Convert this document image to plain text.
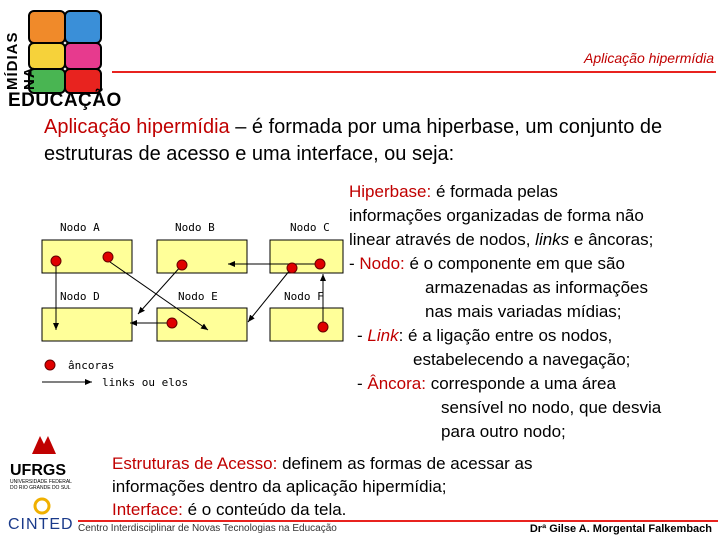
MÍDIAS NA
EDUCAÇÃO
Aplicação hipermídia
Aplicação hipermídia – é formada por uma hiperbase, um conjunto de estruturas de acesso e uma interface, ou seja:
Nodo A	Nodo B	Nodo C
Nodo D	Nodo E	Nodo F
âncoras
links ou elos

Hiperbase: é formada pelas

informações organizadas de forma não

linear através de nodos, links e âncoras;

- Nodo: é o componente em que são

armazenadas as informações

nas mais variadas mídias;

- Link: é a ligação entre os nodos,

estabelecendo a navegação;

- Âncora: corresponde a uma área

sensível no nodo, que desvia

para outro nodo;

Estruturas de Acesso: definem as formas de acessar as

informações dentro da aplicação hipermídia;

Interface: é o conteúdo da tela.

UFRGS
UNIVERSIDADE FEDERAL DO RIO GRANDE DO SUL
CINTED Centro Interdisciplinar de Novas Tecnologias na Educação	Drª Gilse A. Morgental Falkembach
